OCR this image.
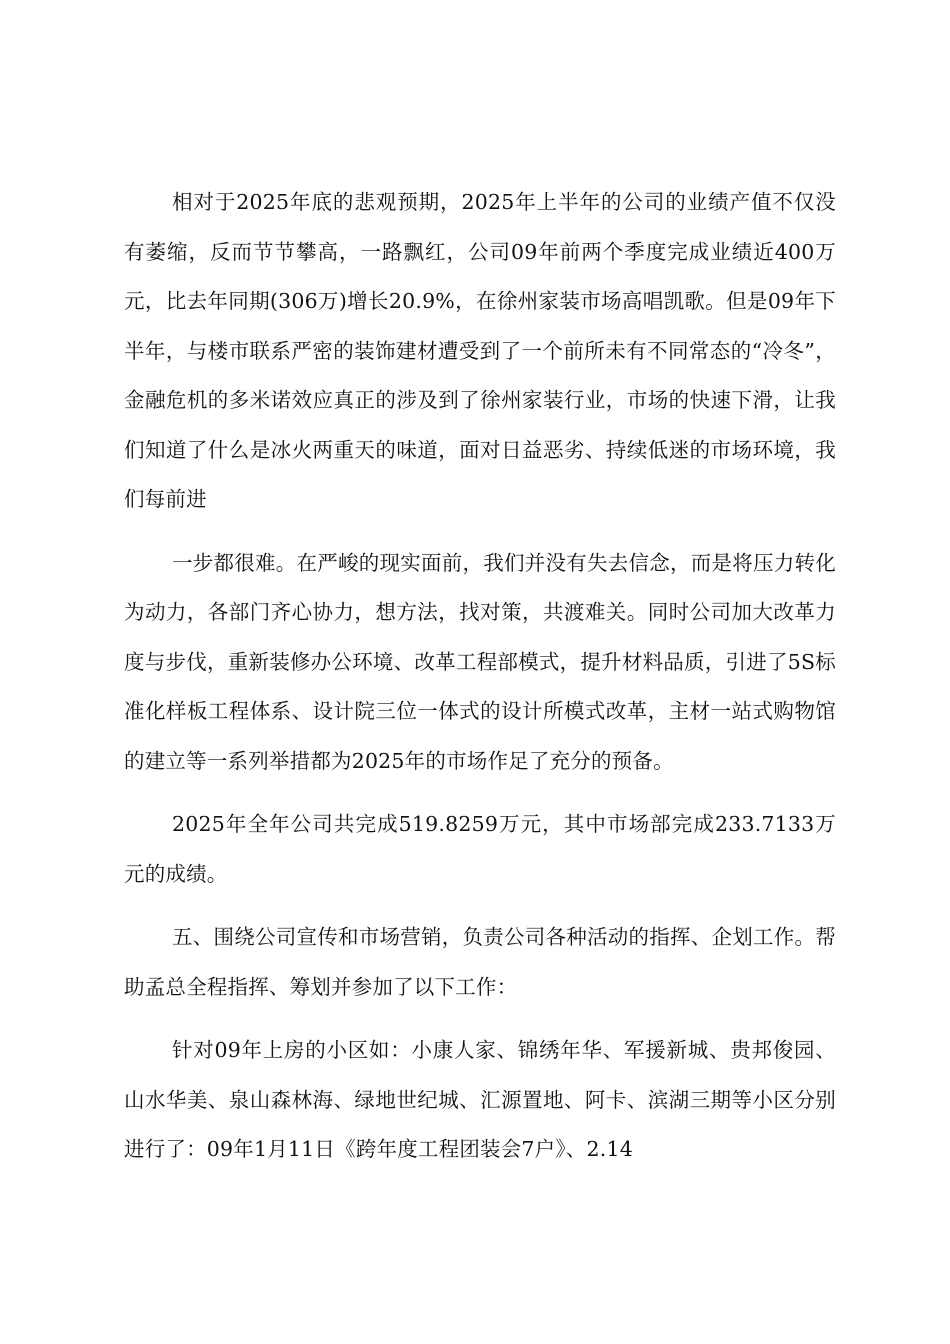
相对于2025年底的悲观预期，2025年上半年的公司的业绩产值不仅没有萎缩，反而节节攀高，一路飘红，公司09年前两个季度完成业绩近400万元，比去年同期(306万)增长20.9%，在徐州家装市场高唱凯歌。但是09年下半年，与楼市联系严密的装饰建材遭受到了一个前所未有不同常态的“冷冬”，金融危机的多米诺效应真正的涉及到了徐州家装行业，市场的快速下滑，让我们知道了什么是冰火两重天的味道，面对日益恶劣、持续低迷的市场环境，我们每前进

一步都很难。在严峻的现实面前，我们并没有失去信念，而是将压力转化为动力，各部门齐心协力，想方法，找对策，共渡难关。同时公司加大改革力度与步伐，重新装修办公环境、改革工程部模式，提升材料品质，引进了5S标准化样板工程体系、设计院三位一体式的设计所模式改革，主材一站式购物馆的建立等一系列举措都为2025年的市场作足了充分的预备。

2025年全年公司共完成519.8259万元，其中市场部完成233.7133万元的成绩。

五、围绕公司宣传和市场营销，负责公司各种活动的指挥、企划工作。帮助孟总全程指挥、筹划并参加了以下工作：

针对09年上房的小区如：小康人家、锦绣年华、军援新城、贵邦俊园、山水华美、泉山森林海、绿地世纪城、汇源置地、阿卡、滨湖三期等小区分别进行了：09年1月11日《跨年度工程团装会7户》、2.14
